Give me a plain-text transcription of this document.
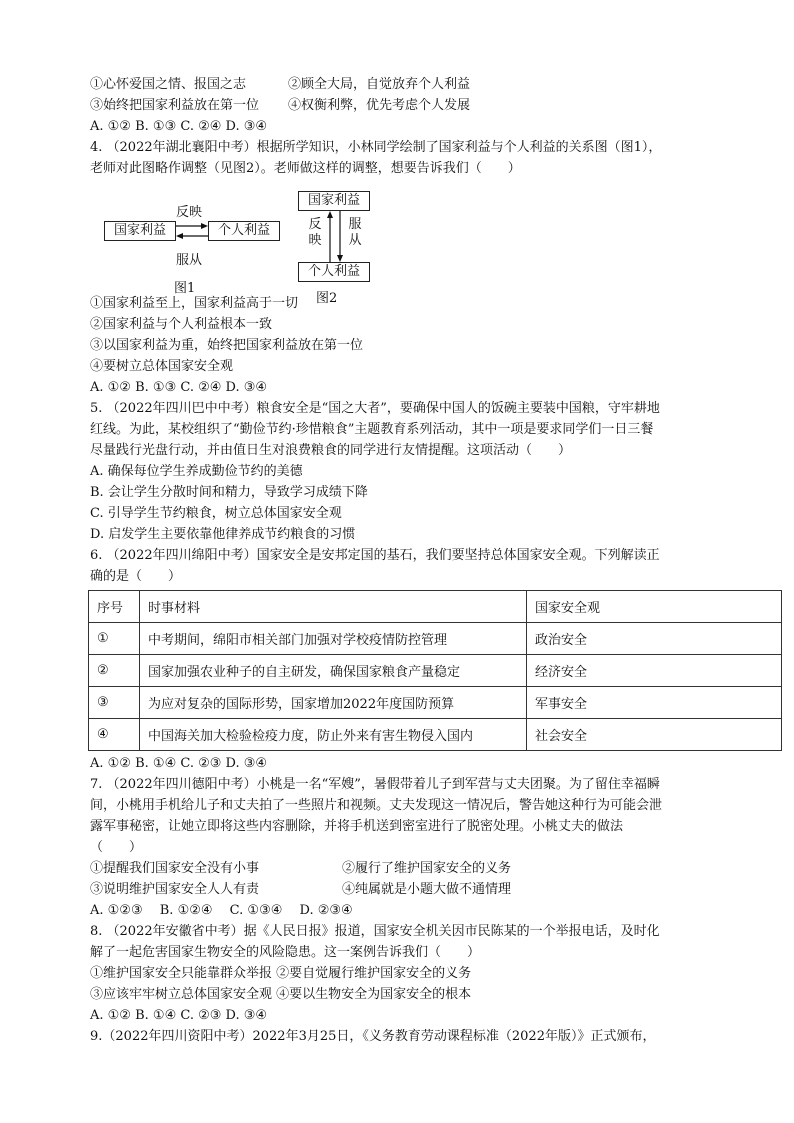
①心怀爱国之情、报国之志	②顾全大局，自觉放弃个人利益
③始终把国家利益放在第一位 ④权衡利弊，优先考虑个人发展
A. ①② B. ①③ C. ②④ D. ③④
4. （2022年湖北襄阳中考）根据所学知识，小林同学绘制了国家利益与个人利益的关系图（图1），
老师对此图略作调整（见图2）。老师做这样的调整，想要告诉我们（　　）
国家利益	个人利益
反映
服从
图1
国家利益
个人利益
反映
服从
图2
①国家利益至上，国家利益高于一切
②国家利益与个人利益根本一致
③以国家利益为重，始终把国家利益放在第一位
④要树立总体国家安全观
A. ①② B. ①③ C. ②④ D. ③④
5. （2022年四川巴中中考）粮食安全是“国之大者”，要确保中国人的饭碗主要装中国粮，守牢耕地
红线。为此，某校组织了“勤俭节约·珍惜粮食”主题教育系列活动，其中一项是要求同学们一日三餐
尽量践行光盘行动，并由值日生对浪费粮食的同学进行友情提醒。这项活动（　　）
A. 确保每位学生养成勤俭节约的美德
B. 会让学生分散时间和精力，导致学习成绩下降
C. 引导学生节约粮食，树立总体国家安全观
D. 启发学生主要依靠他律养成节约粮食的习惯
6. （2022年四川绵阳中考）国家安全是安邦定国的基石，我们要坚持总体国家安全观。下列解读正
确的是（　　）
序号	时事材料	国家安全观
①	中考期间，绵阳市相关部门加强对学校疫情防控管理	政治安全
②	国家加强农业种子的自主研发，确保国家粮食产量稳定	经济安全
③	为应对复杂的国际形势，国家增加2022年度国防预算	军事安全
④	中国海关加大检验检疫力度，防止外来有害生物侵入国内	社会安全
A. ①② B. ①④ C. ②③ D. ③④
7. （2022年四川德阳中考）小桃是一名“军嫂”，暑假带着儿子到军营与丈夫团聚。为了留住幸福瞬
间，小桃用手机给儿子和丈夫拍了一些照片和视频。丈夫发现这一情况后，警告她这种行为可能会泄
露军事秘密，让她立即将这些内容删除，并将手机送到密室进行了脱密处理。小桃丈夫的做法
（　　）
①提醒我们国家安全没有小事	②履行了维护国家安全的义务
③说明维护国家安全人人有责	④纯属就是小题大做不通情理
A. ①②③　 B. ①②④　 C. ①③④　 D. ②③④
8. （2022年安徽省中考）据《人民日报》报道，国家安全机关因市民陈某的一个举报电话，及时化
解了一起危害国家生物安全的风险隐患。这一案例告诉我们（　　）
①维护国家安全只能靠群众举报 ②要自觉履行维护国家安全的义务
③应该牢牢树立总体国家安全观 ④要以生物安全为国家安全的根本
A. ①② B. ①④ C. ②③ D. ③④
9.（2022年四川资阳中考）2022年3月25日，《义务教育劳动课程标准（2022年版）》正式颁布，
